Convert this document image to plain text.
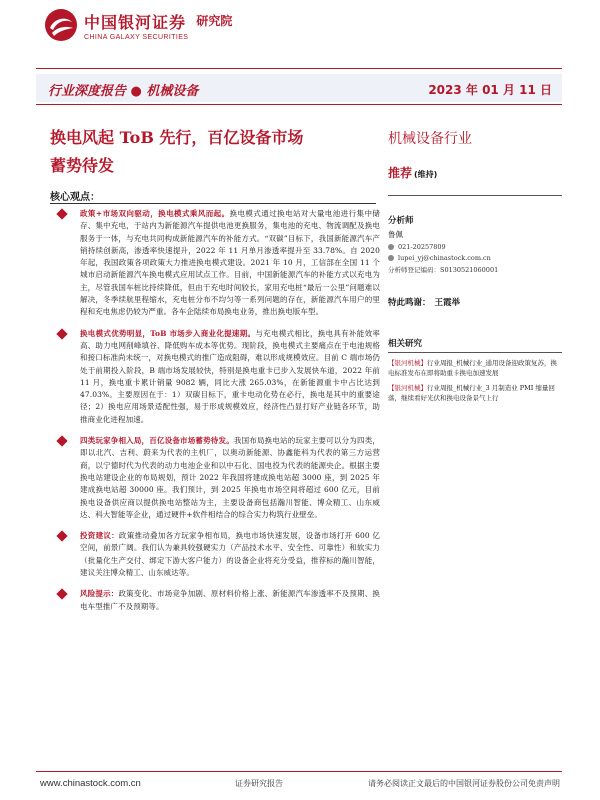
中国银河证券
CHINA GALAXY SECURITIES
研究院
行业深度报告 ● 机械设备	2023 年 01 月 11 日
换电风起 ToB 先行，百亿设备市场
蓄势待发
核心观点：
政策+市场双向驱动，换电模式乘风而起。换电模式通过换电站对大量电池进行集中储存、集中充电，于站内为新能源汽车提供电池更换服务，集电池的充电、物流调配及换电服务于一体，与充电共同构成新能源汽车的补能方式。“双碳”目标下，我国新能源汽车产销持续创新高，渗透率快速提升，2022 年 11 月单月渗透率提升至 33.78%。自 2020 年起，我国政策各项政策大力推进换电模式建设。2021 年 10 月，工信部在全国 11 个城市启动新能源汽车换电模式应用试点工作。目前，中国新能源汽车的补能方式以充电为主，尽管我国车桩比持续降低，但由于充电时间较长，家用充电桩“最后一公里”问题难以解决，冬季续航里程缩水，充电桩分布不均匀等一系列问题的存在，新能源汽车用户的里程和充电焦虑仍较为严重。各车企陆续布局换电业务，推出换电版车型。
换电模式优势明显，ToB 市场步入商业化提速期。与充电模式相比，换电具有补能效率高、助力电网削峰填谷、降低购车成本等优势。现阶段，换电模式主要痛点在于电池规格和接口标准尚未统一，对换电模式的推广造成阻碍，难以形成规模效应。目前 C 端市场仍处于前期投入阶段，B 端市场发展较快，特别是换电重卡已步入发展快车道，2022 年前 11 月，换电重卡累计销量 9082 辆，同比大涨 265.03%，在新能源重卡中占比达到 47.03%。主要原因在于：1）双碳目标下，重卡电动化势在必行，换电是其中的重要途径；2）换电应用场景适配性强，易于形成规模效应，经济性凸显打好产业链各环节，助推商业化进程加速。
四类玩家争相入局，百亿设备市场蓄势待发。我国布局换电站的玩家主要可以分为四类，即以北汽、吉利、蔚来为代表的主机厂，以奥动新能源、协鑫能科为代表的第三方运营商，以宁德时代为代表的动力电池企业和以中石化、国电投为代表的能源央企。根据主要换电站建设企业的布局规划，预计 2022 年我国将建成换电站超 3000 座，到 2025 年建成换电站超 30000 座。我们预计，到 2025 年换电市场空间将超过 600 亿元，目前换电设备供应商以提供换电站整站为主，主要设备商包括瀚川智能、博众精工、山东威达、科大智能等企业，通过硬件+软件相结合的综合实力构筑行业壁垒。
投资建议：政策推动叠加各方玩家争相布局，换电市场快速发展，设备市场打开 600 亿空间，前景广阔。我们认为兼具较强硬实力（产品技术水平、安全性、可靠性）和软实力（批量化生产交付、绑定下游大客户能力）的设备企业将充分受益，推荐标的瀚川智能，建议关注博众精工、山东威达等。
风险提示：政策变化、市场竞争加剧、原材料价格上涨、新能源汽车渗透率不及预期、换电车型推广不及预期等。
机械设备行业
推荐 (维持)
分析师
鲁佩
021-20257809
lupei_yj@chinastock.com.cn
分析师登记编码：S0130521060001
特此鸣谢： 王霞举
相关研究
【银河机械】行业周报_机械行业_通用设备迎政策复苏，换电标准发布在即将助重卡换电加速发展
【银河机械】行业周报_机械行业_3 月制造业 PMI 缩量回落，继续看好光伏和换电设备景气上行
www.chinastock.com.cn	证券研究报告	请务必阅读正文最后的中国银河证券股份公司免责声明
